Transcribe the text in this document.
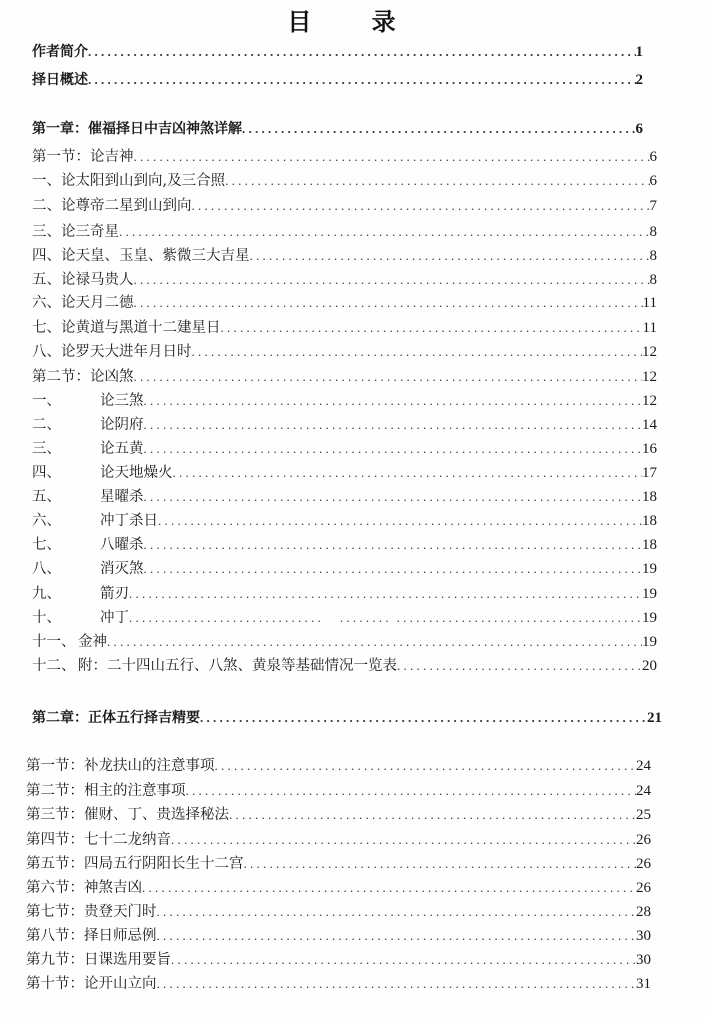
目 录
作者简介 . . .	1
择日概述 . . .	2
第一章：催福择日中吉凶神煞详解 . . .	6
第一节：论吉神 . . .	6
一、 论太阳到山到向,及三合照 . . .	6
二、 论尊帝二星到山到向 . . .	7
三、 论三奇星 . . .	8
四、 论天皇、玉皇、紫微三大吉星 . . .	8
五、 论禄马贵人 . . .	8
六、 论天月二德 . . .	11
七、 论黄道与黑道十二建星日 . . .	11
八、 论罗天大进年月日时 . . .	12
第二节：论凶煞 . . .	12
一、	论三煞 . . .	12
二、	论阴府 . . .	14
三、	论五黄 . . .	16
四、	论天地燥火 . . .	17
五、	星曜杀 . . .	18
六、	冲丁杀日 . . .	18
七、	八曜杀 . . .	18
八、	消灭煞 . . .	19
九、	箭刃 . . .	19
十、	冲丁 . . . . . . . . .	19
十一、 金神 . . .	19
十二、 附：二十四山五行、八煞、黄泉等基础情况一览表 . . .	20
第二章：正体五行择吉精要 . . .	21
第一节：补龙扶山的注意事项 . . .	24
第二节：相主的注意事项 . . .	24
第三节：催财、丁、贵选择秘法 . . .	25
第四节：七十二龙纳音 . . .	26
第五节：四局五行阴阳长生十二宫 . . .	26
第六节：神煞吉凶 . . .	26
第七节：贵登天门时 . . .	28
第八节：择日师忌例 . . .	30
第九节：日课选用要旨 . . .	30
第十节：论开山立向 . . .	31
